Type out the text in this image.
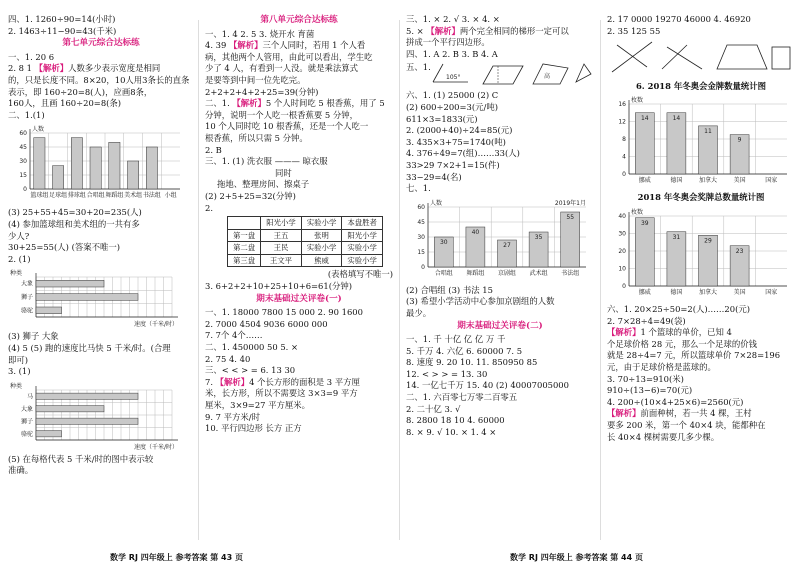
四、1. 1260÷90=14(小时)

2. 1463÷11−90=43(千米)

第七单元综合达标练

一、1. 20 6

2. 8 1 【解析】人数多少表示宽度是相同

的，只是长度不同。8×20，10人用3条长的直条

表示，即 160÷20=8(人)，应画8条，

160人，且画 160÷20=8(条)

二、1.(1)

0
15
30
45
60
人数
篮球组 足球组 排球组 合唱组 舞蹈组 美术组 书法组 小组

(3) 25+55+45=30+20=235(人)

(4) 参加篮球组和美术组的一共有多

少人?

30+25=55(人) (答案不唯一)

2. (1)

种类
速度（千米/时）
大象
狮子
骆驼

(3) 狮子 大象

(4) 5 (5) 跑的速度比马快 5 千米/时。(合理

即可)

3. (1)

种类
速度（千米/时）
马
大象
狮子
骆驼

(5) 在每格代表 5 千米/时的图中表示较

准确。

第八单元综合达标练

一、1. 4 2. 5 3. 烧开水 育菌

4. 39 【解析】三个人同时，若用 1 个人看

病，其他两个人管用，由此可以看出，学生吃

少了 4 人，有看到一人没。就是乘法算式

是要等到中间一位先吃完。

2+2+2+4+2+25=39(分钟)

二、1. 【解析】5 个人时间吃 5 根香蕉，用了 5

分钟，说明一个人吃一根香蕉要 5 分钟，

10 个人同时吃 10 根香蕉，还是一个人吃一

根香蕉，所以只需 5 分钟。

2. B

三、1. (1) 洗衣服 ——— 晾衣服

同时

拖地、整理房间、擦桌子

(2) 2+5+25=32(分钟)

2.

	阳光小学	实验小学	本盘胜者
第一盘	王五	张明	阳光小学
第二盘	王民	实验小学	实验小学
第三盘	王文平	熊威	实验小学

(表格填写不唯一)

3. 6+2+2+10+25+10+6=61(分钟)

期末基础过关评卷(一)

一、1. 18000 7800 15 000 2. 90 1600

2. 7000 4504 9036 6000 000

7. 7个 4个……

二、1. 450000 50 5. ×

2. 75 4. 40

三、< < > = 6. 13 30

7. 【解析】4 个长方形的面积是 3 平方厘

米，长方形，所以不需要这 3×3=9 平方

厘米，3×9=27 平方厘米。

9. 7 平方米/时

10. 平行四边形 长方 正方

三、1. × 2. √ 3. × 4. ×

5. × 【解析】两个完全相同的梯形一定可以

拼成一个平行四边形。

四、1. A 2. B 3. B 4. A

五、1.
105°	高

六、1. (1) 25000 (2) C

(2) 600÷200=3(元/吨)

611×3=1833(元)

2. (2000+40)÷24=85(元)

3. 435×3+75=1740(吨)

4. 376÷49=7(组)……33(人)

33>29 7×2+1=15(件)

33−29=4(名)

七、1.

0
15
30
45
60
人数	2019年1月
30
合唱组
40
舞蹈组
27
京剧组
35
武术组
55
书法组

(2) 合唱组 (3) 书法 15

(3) 希望小学活动中心参加京剧组的人数

最少。

期末基础过关评卷(二)

一、1. 千 十亿 亿 亿 万 千

5. 千万 4. 六亿 6. 60000 7. 5

8. 速度 9. 20 10. 11. 850950 85

12. < > > = 13. 30

14. 一亿七千万 15. 40 (2) 40007005000

二、1. 六百零七万零二百零五

2. 二十亿 3. √

8. 2800 18 10 4. 60000

8. × 9. √ 10. × 1. 4 ×

2. 17 0000 19270 46000 4. 46920

2. 35 125 55

6. 2018 年冬奥会金牌数量统计图

0
4
8
12
16
枚数
14
挪威
14
德国
11
加拿大
9
美国	国家

2018 年冬奥会奖牌总数量统计图

0
10
20
30
40
枚数
39
挪威
31
德国
29
加拿大
23
美国	国家

六、1. 20×25÷50=2(人)……20(元)

2. 7×28÷4=49(袋)

【解析】1 个篮球的单价，已知 4

个足球价格 28 元，那么一个足球的价钱

就是 28÷4=7 元，所以篮球单价 7×28=196

元，由于足球价格是蓝球的。

3. 70÷13=910(米)

910÷(13−6)=70(元)

4. 200÷(10×4+25×6)=2560(元)

【解析】前面种树，若一共 4 棵，王村

要多 200 米，第一个 40×4 块，能都种在

长 40×4 棵树需要几多少棵。

数学 RJ 四年级上 参考答案 第 43 页	数学 RJ 四年级上 参考答案 第 44 页
